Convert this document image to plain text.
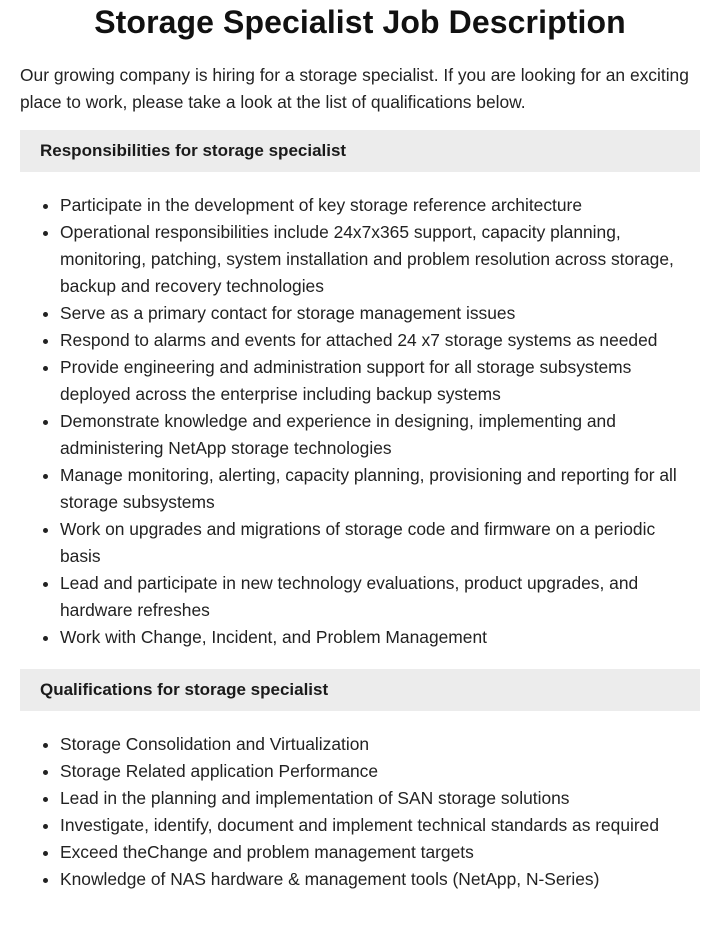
Storage Specialist Job Description

Our growing company is hiring for a storage specialist. If you are looking for an exciting place to work, please take a look at the list of qualifications below.

Responsibilities for storage specialist
Participate in the development of key storage reference architecture
Operational responsibilities include 24x7x365 support, capacity planning, monitoring, patching, system installation and problem resolution across storage, backup and recovery technologies
Serve as a primary contact for storage management issues
Respond to alarms and events for attached 24 x7 storage systems as needed
Provide engineering and administration support for all storage subsystems deployed across the enterprise including backup systems
Demonstrate knowledge and experience in designing, implementing and administering NetApp storage technologies
Manage monitoring, alerting, capacity planning, provisioning and reporting for all storage subsystems
Work on upgrades and migrations of storage code and firmware on a periodic basis
Lead and participate in new technology evaluations, product upgrades, and hardware refreshes
Work with Change, Incident, and Problem Management
Qualifications for storage specialist
Storage Consolidation and Virtualization
Storage Related application Performance
Lead in the planning and implementation of SAN storage solutions
Investigate, identify, document and implement technical standards as required
Exceed theChange and problem management targets
Knowledge of NAS hardware & management tools (NetApp, N-Series)
